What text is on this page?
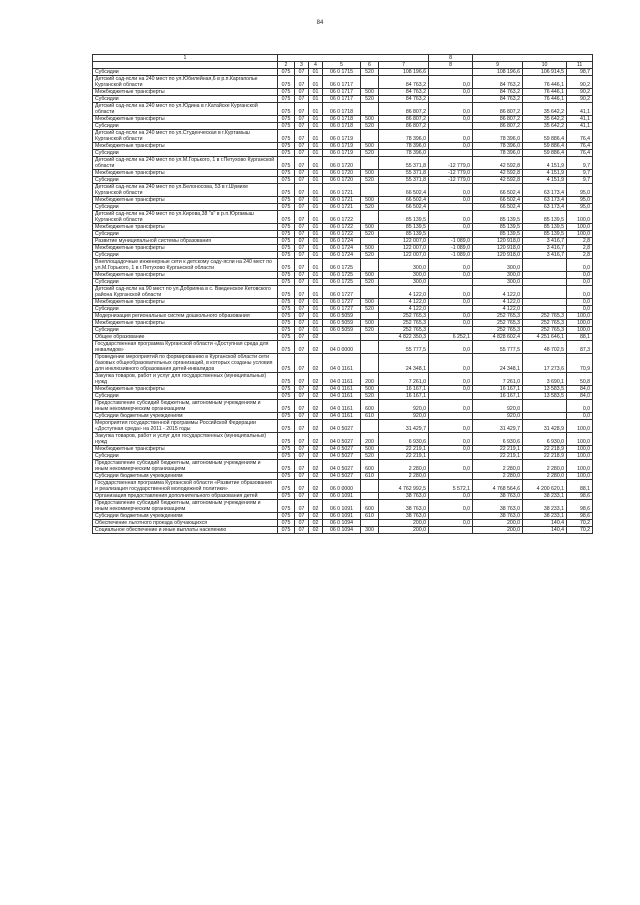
84
1							8			
	2	3	4	5	6	7	8	9	10	11
Субсидии	075	07	01	06 0 1715	520	108 196,6		108 196,6	106 914,5	98,7
Детский сад-ясли на 240 мест по ул.Юбилейная,6 в р.п.Каргаполье Курганской области	075	07	01	06 0 1717		84 763,2	0,0	84 763,2	76 446,1	90,2
Межбюджетные трансферты	075	07	01	06 0 1717	500	84 763,2	0,0	84 763,2	76 446,1	90,2
Субсидии	075	07	01	06 0 1717	520	84 763,2		84 763,2	76 446,1	90,2
Детский сад-ясли на 240 мест по ул.Юдина в г.Катайске Курганской области	075	07	01	06 0 1718		86 807,2	0,0	86 807,2	35 642,2	41,1
Межбюджетные трансферты	075	07	01	06 0 1718	500	86 807,2	0,0	86 807,2	35 642,2	41,1
Субсидии	075	07	01	06 0 1718	520	86 807,2		86 807,2	35 642,2	41,1
Детский сад-ясли на 240 мест по ул.Студенческая в г.Куртамыш Курганской области	075	07	01	06 0 1719		78 396,0	0,0	78 396,0	59 886,4	76,4
Межбюджетные трансферты	075	07	01	06 0 1719	500	78 396,0	0,0	78 396,0	59 886,4	76,4
Субсидии	075	07	01	06 0 1719	520	78 396,0		78 396,0	59 886,4	76,4
Детский сад-ясли на 240 мест по ул.М.Горького, 1 в г.Петухово Курганской области	075	07	01	06 0 1720		55 371,8	-12 779,0	42 592,8	4 151,9	9,7
Межбюджетные трансферты	075	07	01	06 0 1720	500	55 371,8	-12 779,0	42 592,8	4 151,9	9,7
Субсидии	075	07	01	06 0 1720	520	55 371,8	-12 779,0	42 592,8	4 151,9	9,7
Детский сад-ясли на 240 мест по ул.Белоносова, 53 в г.Шумихе Курганской области	075	07	01	06 0 1721		66 502,4	0,0	66 502,4	63 173,4	95,0
Межбюджетные трансферты	075	07	01	06 0 1721	500	66 502,4	0,0	66 502,4	63 173,4	95,0
Субсидии	075	07	01	06 0 1721	520	66 502,4		66 502,4	63 173,4	95,0
Детский сад-ясли на 240 мест по ул.Кирова,38 "а" в р.п.Юргамыш Курганской области	075	07	01	06 0 1722		85 139,5	0,0	85 139,5	85 139,5	100,0
Межбюджетные трансферты	075	07	01	06 0 1722	500	85 139,5	0,0	85 139,5	85 139,5	100,0
Субсидии	075	07	01	06 0 1722	520	85 139,5		85 139,5	85 139,5	100,0
Развитие муниципальной системы образования	075	07	01	06 0 1724		122 007,0	-1 089,0	120 918,0	3 416,7	2,8
Межбюджетные трансферты	075	07	01	06 0 1724	500	122 007,0	-1 089,0	120 918,0	3 416,7	2,8
Субсидии	075	07	01	06 0 1724	520	122 007,0	-1 089,0	120 918,0	3 416,7	2,8
Внеплощадочные инженерные сети к детскому саду-ясли на 240 мест по ул.М.Горького, 1 в г.Петухово Курганской области	075	07	01	06 0 1725		300,0	0,0	300,0		0,0
Межбюджетные трансферты	075	07	01	06 0 1725	500	300,0	0,0	300,0		0,0
Субсидии	075	07	01	06 0 1725	520	300,0		300,0		0,0
Детский сад-ясли на 90 мест по ул.Добрияна в с. Введенское Кетовского района Курганской области	075	07	01	06 0 1727		4 122,0	0,0	4 122,0		0,0
Межбюджетные трансферты	075	07	01	06 0 1727	500	4 122,0	0,0	4 122,0		0,0
Субсидии	075	07	01	06 0 1727	520	4 122,0		4 122,0		0,0
Модернизация региональных систем дошкольного образования	075	07	01	06 0 5059		252 765,3	0,0	252 765,3	252 765,3	100,0
Межбюджетные трансферты	075	07	01	06 0 5059	500	252 765,3	0,0	252 765,3	252 765,3	100,0
Субсидии	075	07	01	06 0 5059	520	252 765,3		252 765,3	252 765,3	100,0
Общее образование	075	07	02			4 822 350,3	6 252,1	4 828 602,4	4 251 646,1	88,1
Государственная программа Курганской области «Доступная среда для инвалидов»	075	07	02	04 0 0000		55 777,5	0,0	55 777,5	48 702,5	87,3
Проведение мероприятий по формированию в Курганской области сети базовых общеобразовательных организаций, в которых созданы условия для инклюзивного образования детей-инвалидов	075	07	02	04 0 1161		24 348,1	0,0	24 348,1	17 273,6	70,9
Закупка товаров, работ и услуг для государственных (муниципальных) нужд	075	07	02	04 0 1161	200	7 261,0	0,0	7 261,0	3 690,1	50,8
Межбюджетные трансферты	075	07	02	04 0 1161	500	16 167,1	0,0	16 167,1	13 583,5	84,0
Субсидии	075	07	02	04 0 1161	520	16 167,1		16 167,1	13 583,5	84,0
Предоставление субсидий бюджетным, автономным учреждениям и иным некоммерческим организациям	075	07	02	04 0 1161	600	920,0	0,0	920,0		0,0
Субсидии бюджетным учреждениям	075	07	02	04 0 1161	610	920,0		920,0		0,0
Мероприятия государственной программы Российской Федерации «Доступная среда» на 2011 - 2015 годы	075	07	02	04 0 5027		31 429,7	0,0	31 429,7	31 428,9	100,0
Закупка товаров, работ и услуг для государственных (муниципальных) нужд	075	07	02	04 0 5027	200	6 930,6	0,0	6 930,6	6 930,0	100,0
Межбюджетные трансферты	075	07	02	04 0 5027	500	22 219,1	0,0	22 219,1	22 218,9	100,0
Субсидии	075	07	02	04 0 5027	520	22 219,1		22 219,1	22 218,9	100,0
Предоставление субсидий бюджетным, автономным учреждениям и иным некоммерческим организациям	075	07	02	04 0 5027	600	2 280,0	0,0	2 280,0	2 280,0	100,0
Субсидии бюджетным учреждениям	075	07	02	04 0 5027	610	2 280,0		2 280,0	2 280,0	100,0
Государственная программа Курганской области «Развитие образования и реализация государственной молодежной политики»	075	07	02	06 0 0000		4 762 992,5	5 572,1	4 768 564,6	4 200 620,1	88,1
Организация предоставления дополнительного образования детей	075	07	02	06 0 1091		38 763,0	0,0	38 763,0	38 233,1	98,6
Предоставление субсидий бюджетным, автономным учреждениям и иным некоммерческим организациям	075	07	02	06 0 1091	600	38 763,0	0,0	38 763,0	38 233,1	98,6
Субсидии бюджетным учреждениям	075	07	02	06 0 1091	610	38 763,0		38 763,0	38 233,1	98,6
Обеспечение льготного проезда обучающихся	075	07	02	06 0 1094		200,0	0,0	200,0	140,4	70,2
Социальное обеспечение и иные выплаты населению	075	07	02	06 0 1094	300	200,0		200,0	140,4	70,2
